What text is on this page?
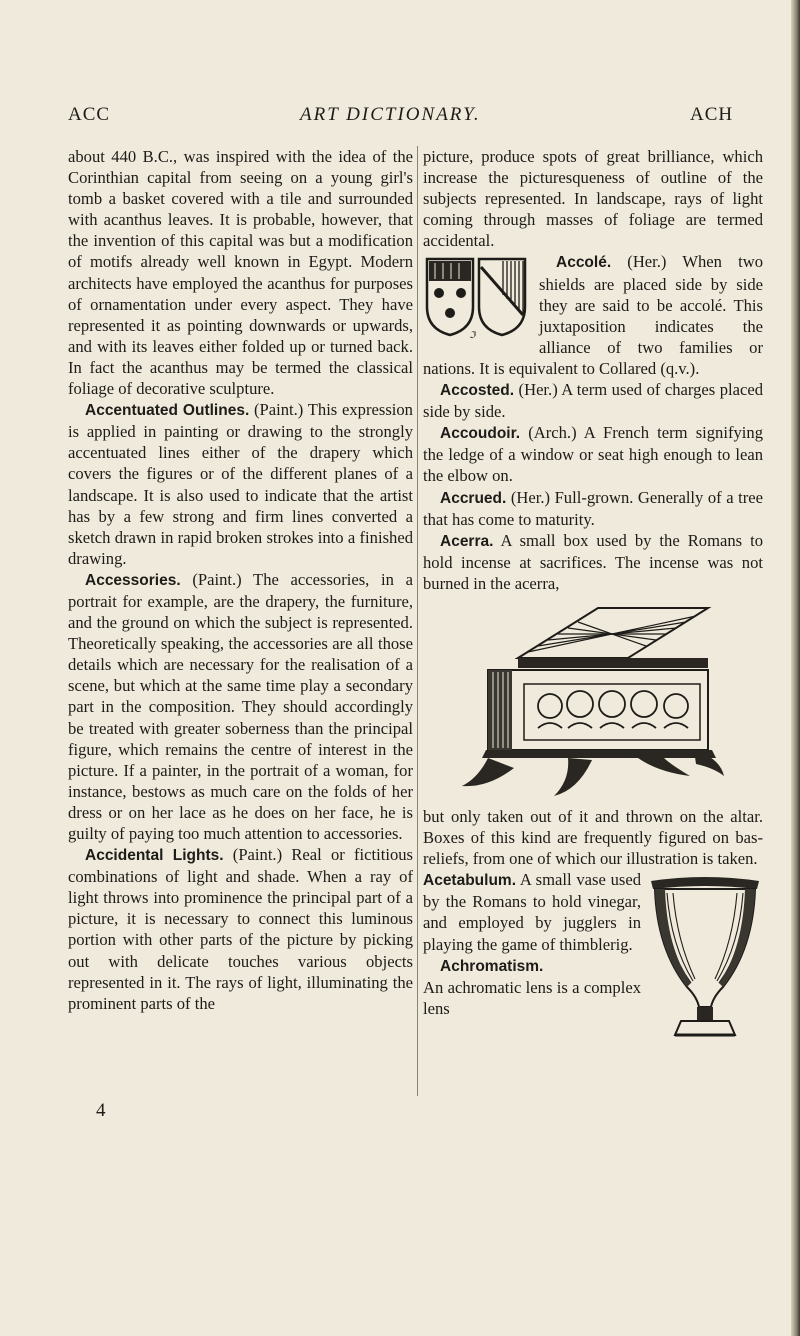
ACC	ART DICTIONARY.	ACH

about 440 B.C., was inspired with the idea of the Corinthian capital from seeing on a young girl's tomb a basket covered with a tile and surrounded with acanthus leaves. It is probable, however, that the invention of this capital was but a modification of motifs already well known in Egypt. Modern architects have employed the acanthus for purposes of ornamentation under every aspect. They have represented it as pointing downwards or upwards, and with its leaves either folded up or turned back. In fact the acanthus may be termed the classical foliage of decorative sculpture.

Accentuated Outlines. (Paint.) This expression is applied in painting or drawing to the strongly accentuated lines either of the drapery which covers the figures or of the different planes of a landscape. It is also used to indicate that the artist has by a few strong and firm lines converted a sketch drawn in rapid broken strokes into a finished drawing.

Accessories. (Paint.) The accessories, in a portrait for example, are the drapery, the furniture, and the ground on which the subject is represented. Theoretically speaking, the accessories are all those details which are necessary for the realisation of a scene, but which at the same time play a secondary part in the composition. They should accordingly be treated with greater soberness than the principal figure, which remains the centre of interest in the picture. If a painter, in the portrait of a woman, for instance, bestows as much care on the folds of her dress or on her lace as he does on her face, he is guilty of paying too much attention to accessories.

Accidental Lights. (Paint.) Real or fictitious combinations of light and shade. When a ray of light throws into prominence the principal part of a picture, it is necessary to connect this luminous portion with other parts of the picture by picking out with delicate touches various objects represented in it. The rays of light, illuminating the prominent parts of the

picture, produce spots of great brilliance, which increase the picturesqueness of outline of the subjects represented. In landscape, rays of light coming through masses of foliage are termed accidental.

ℑ
Accolé. (Her.) When two shields are placed side by side they are said to be accolé. This juxtaposition indicates the alliance of two families or nations. It is equivalent to Collared (q.v.).

Accosted. (Her.) A term used of charges placed side by side.

Accoudoir. (Arch.) A French term signifying the ledge of a window or seat high enough to lean the elbow on.

Accrued. (Her.) Full-grown. Generally of a tree that has come to maturity.

Acerra. A small box used by the Romans to hold incense at sacrifices. The incense was not burned in the acerra,

but only taken out of it and thrown on the altar. Boxes of this kind are frequently figured on bas-reliefs, from one of which our illustration is taken.

Acetabulum. A small vase used by the Romans to hold vinegar, and employed by jugglers in playing the game of thimblerig.

Achromatism.

An achromatic lens is a complex lens

4
